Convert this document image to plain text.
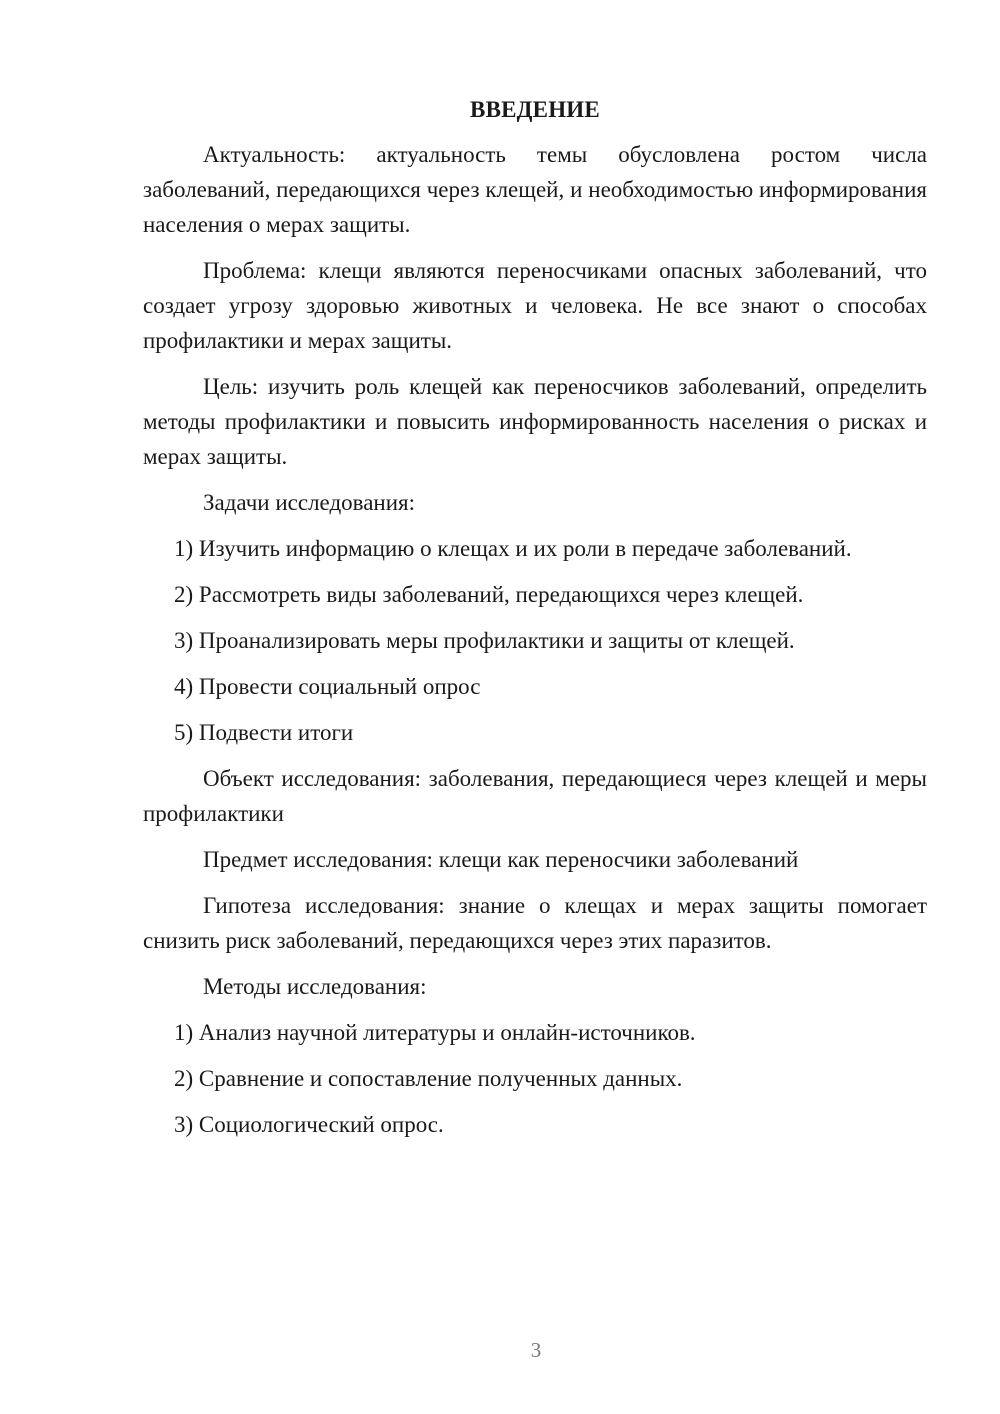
ВВЕДЕНИЕ

Актуальность: актуальность темы обусловлена ростом числа заболеваний, передающихся через клещей, и необходимостью информирования населения о мерах защиты.

Проблема: клещи являются переносчиками опасных заболеваний, что создает угрозу здоровью животных и человека. Не все знают о способах профилактики и мерах защиты.

Цель: изучить роль клещей как переносчиков заболеваний, определить методы профилактики и повысить информированность населения о рисках и мерах защиты.

Задачи исследования:

1) Изучить информацию о клещах и их роли в передаче заболеваний.
2) Рассмотреть виды заболеваний, передающихся через клещей.
3) Проанализировать меры профилактики и защиты от клещей.
4) Провести социальный опрос
5) Подвести итоги

Объект исследования: заболевания, передающиеся через клещей и меры профилактики

Предмет исследования: клещи как переносчики заболеваний

Гипотеза исследования: знание о клещах и мерах защиты помогает снизить риск заболеваний, передающихся через этих паразитов.

Методы исследования:

1) Анализ научной литературы и онлайн-источников.
2) Сравнение и сопоставление полученных данных.
3) Социологический опрос.
3
